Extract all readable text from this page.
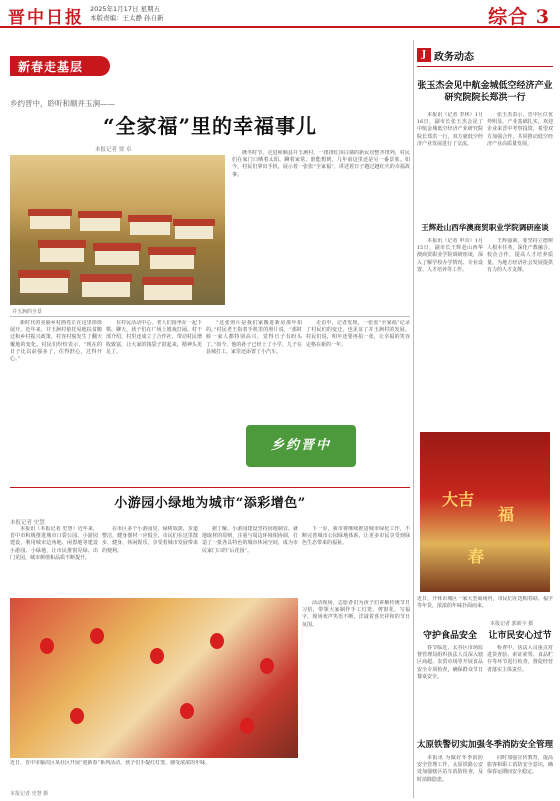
晋中日报 2025年1月17日 星期五
本版责编：王太静 孙自新	综合 3
新春走基层
乡约晋中，聆听和顺并玉涧——
“全家福”里的幸福事儿
本报记者 贾 卓
并玉涧的全景
隆冬时节，走进和顺县并玉涧村，一排排红顶白墙的新民居整齐排列，村民们在家门口晒着太阳、聊着家常。谁能想到，几年前这里还是另一番景象。如今，村民们拿出手机，展示着一张张“全家福”，讲述着日子越过越红火的幸福故事。
新时代的美丽乡村画卷正在这里徐徐展开。近年来，并玉涧村依托易地扶贫搬迁和乡村振兴政策，村容村貌发生了翻天覆地的变化。村民们纷纷表示，“现在的日子比以前强多了，住得舒心，过得开心。”
在村民活动中心，老人们围坐在一起下棋、聊天，孩子们在广场上嬉戏打闹。村干部介绍，村里还成立了合作社，带动村民增收致富，让大家的钱袋子鼓起来，精神头更足了。
“这张照片是我们家搬进新房那年拍的。”村民老王指着手机里的照片说，“那时候一家人都特别高兴，觉得日子有盼头了。”如今，他的孙子已经上了小学，儿子在县城打工，家里还添置了小汽车。
走访中，记者发现，一张张“全家福”记录了村民们的变迁，也见证了并玉涧村的发展。村民们说，明年还要再拍一张，让幸福的笑容定格在新的一年。
乡约晋中
小游园小绿地为城市“添彩增色”
本报记者 史慧
本报讯（本报记者 史慧）近年来，晋中市积极推进城市口袋公园、小游园建设，利用城市边角地、闲置地等建设小游园、小绿地，让市民推窗见绿、出门见园，城市颜值和品质不断提升。
在市区多个小游园里，绿树成荫，步道整洁，健身器材一应俱全。市民们在这里散步、健身、休闲娱乐，享受着城市发展带来的便利。
据了解，小游园建设坚持因地制宜、就地取材的原则，注重与周边环境相协调，打造了一批各具特色的城市休闲空间，成为市民家门口的“后花园”。
下一步，我市将继续推进城市绿化工作，不断完善城市公园绿地体系，让更多市民享受到绿色生态带来的福祉。
活动现场，志愿者们为孩子们讲解传统节日习俗，带领大家制作手工灯笼、剪窗花、写福字，现场欢声笑语不断，洋溢着喜庆祥和的节日氛围。
近日，晋中市榆次区某社区开展“迎新春”系列活动，孩子们手提红灯笼，感受浓浓的年味。
本报记者 史慧 摄
J 政务动态
张玉杰会见中航金城低空经济产业研究院院长郑洪一行
本报讯（记者 李林）1月16日，副市长张玉杰会见了中航金城低空经济产业研究院院长郑洪一行，双方就低空经济产业发展进行了交流。
张玉杰表示，晋中区位优势明显、产业基础扎实，欢迎企业来晋中考察投资，希望双方加强合作，共同推动低空经济产业高质量发展。
王辉赴山西华澳商贸职业学院调研座谈
本报讯（记者 申奇）1月15日，副市长王辉赴山西华澳商贸职业学院调研座谈，深入了解学校办学情况、专业设置、人才培养等工作。
王辉强调，要坚持立德树人根本任务，深化产教融合、校企合作，提高人才培养质量，为地方经济社会发展提供有力的人才支撑。
大吉
福
春
近日，介休市城区一家大型商场内，市民们在选购春联、福字等年货，浓浓的年味扑面而来。
本报记者 郭新宇 摄
守护食品安全	让市民安心过节
春节临近，太谷区市场监督管理局组织执法人员深入辖区商超、农贸市场等开展食品安全专项检查，确保群众节日餐桌安全。
检查中，执法人员重点对进货查验、索证索票、食品贮存等环节进行检查，督促经营者落实主体责任。
太原铁警切实加强冬季消防安全管理
本报讯 为做好冬季消防安全管理工作，太原铁路公安处加强辖区站车消防检查，及时消除隐患。
同时加强宣传教育，提高旅客和职工消防安全意识，确保春运期间安全稳定。
